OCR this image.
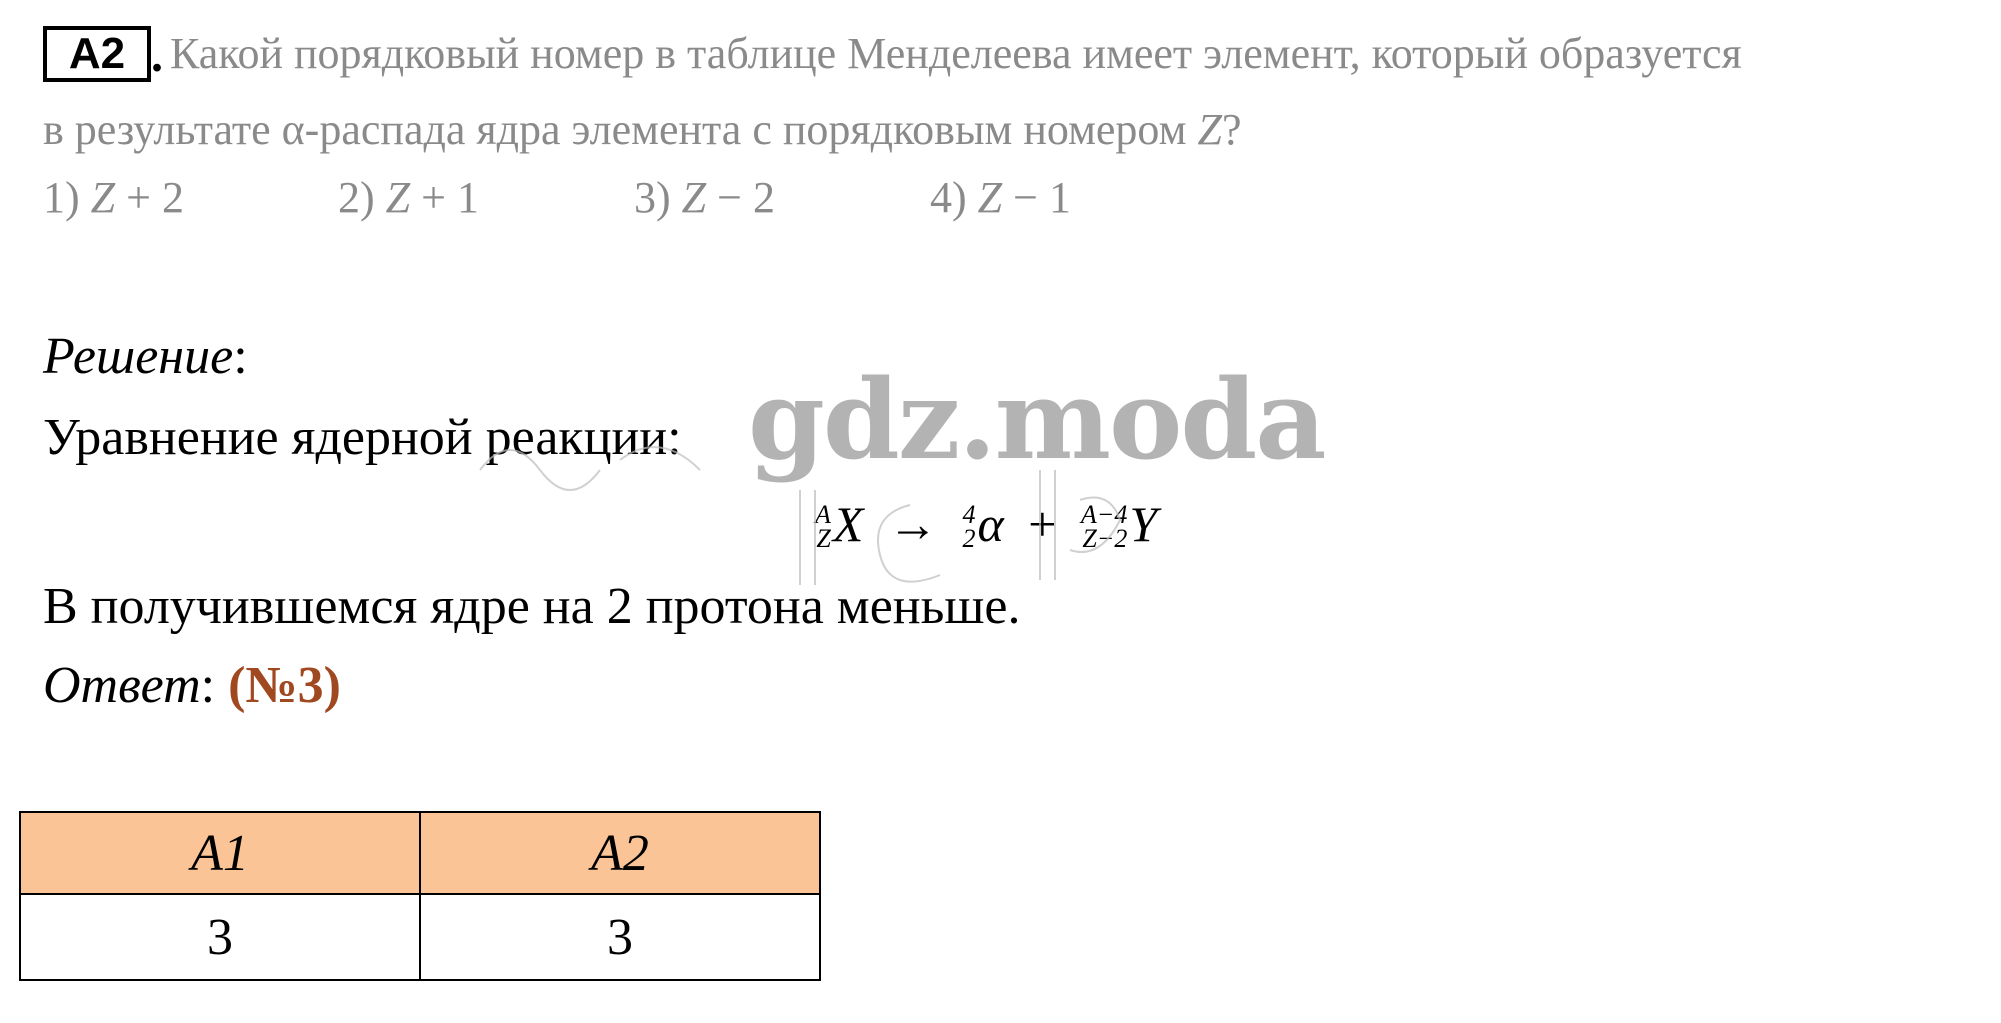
A2 . Какой порядковый номер в таблице Менделеева имеет элемент, который образуется
в результате α-распада ядра элемента с порядковым номером Z?
1) Z + 2	2) Z + 1	3) Z − 2	4) Z − 1
Решение:
Уравнение ядерной реакции:
A
Z X → 4
2 α + A−4
Z−2 Y
В получившемся ядре на 2 протона меньше.
Ответ: (№3)
gdz.moda
A1	A2
3	3
